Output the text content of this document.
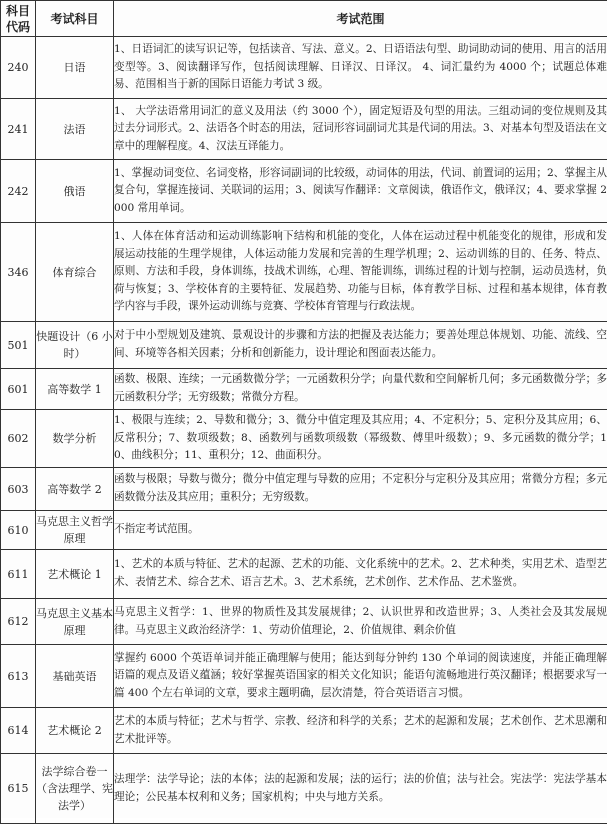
科目代码	考试科目	考试范围
240	日语	1、日语词汇的读写识记等，包括读音、写法、意义。2、日语语法句型、助词助动词的使用、用言的活用变型等。3、阅读翻译写作，包括阅读理解、日译汉、日译汉。 4、词汇量约为 4000 个；试题总体难易、范围相当于新的国际日语能力考试 3 级。
241	法语	1、 大学法语常用词汇的意义及用法（约 3000 个），固定短语及句型的用法。三组动词的变位规则及其过去分词形式。2、法语各个时态的用法，冠词形容词副词尤其是代词的用法。3、对基本句型及语法在文章中的理解程度。4、汉法互译能力。
242	俄语	1、掌握动词变位、名词变格，形容词副词的比较级，动词体的用法，代词、前置词的运用；2、掌握主从复合句，掌握连接词、关联词的运用；3、阅读写作翻译：文章阅读，俄语作文，俄译汉；4、要求掌握 2000 常用单词。
346	体育综合	1、人体在体育活动和运动训练影响下结构和机能的变化，人体在运动过程中机能变化的规律，形成和发展运动技能的生理学规律，人体运动能力发展和完善的生理学机理；2、运动训练的目的、任务、特点、原则、方法和手段，身体训练，技战术训练，心理、智能训练，训练过程的计划与控制，运动员选材，负荷与恢复；3、学校体育的主要特征、发展趋势、功能与目标，体育教学目标、过程和基本规律，体育教学内容与手段，课外运动训练与竞赛、学校体育管理与行政法规。
501	快题设计（6 小时）	对于中小型规划及建筑、景观设计的步骤和方法的把握及表达能力；要善处理总体规划、功能、流线、空间、环境等各相关因素；分析和创新能力，设计理论和图面表达能力。
601	高等数学 1	函数、极限、连续；一元函数微分学；一元函数积分学；向量代数和空间解析几何；多元函数微分学；多元函数积分学；无穷级数；常微分方程。
602	数学分析	1、极限与连续；2、导数和微分；3、微分中值定理及其应用；4、不定积分；5、定积分及其应用；6、反常积分；7、数项级数；8、函数列与函数项级数（幂级数、傅里叶级数）；9、多元函数的微分学；10、曲线积分；11、重积分；12、曲面积分。
603	高等数学 2	函数与极限；导数与微分；微分中值定理与导数的应用；不定积分与定积分及其应用；常微分方程；多元函数微分法及其应用；重积分；无穷级数。
610	马克思主义哲学原理	不指定考试范围。
611	艺术概论 1	1、艺术的本质与特征、艺术的起源、艺术的功能、文化系统中的艺术。2、艺术种类，实用艺术、造型艺术、表情艺术、综合艺术、语言艺术。3、艺术系统，艺术创作、艺术作品、艺术鉴赏。
612	马克思主义基本原理	马克思主义哲学：1、世界的物质性及其发展规律；2、认识世界和改造世界；3、人类社会及其发展规律。马克思主义政治经济学：1、劳动价值理论，2、价值规律、剩余价值
613	基础英语	掌握约 6000 个英语单词并能正确理解与使用；能达到每分钟约 130 个单词的阅读速度，并能正确理解语篇的观点及语义蕴涵；较好掌握英语国家的相关文化知识；能语句流畅地进行英汉翻译；根据要求写一篇 400 个左右单词的文章，要求主题明确，层次清楚，符合英语语言习惯。
614	艺术概论 2	艺术的本质与特征；艺术与哲学、宗教、经济和科学的关系；艺术的起源和发展；艺术创作、艺术思潮和艺术批评等。
615	法学综合卷一（含法理学、宪法学）	法理学：法学导论；法的本体；法的起源和发展；法的运行；法的价值；法与社会。宪法学：宪法学基本理论；公民基本权利和义务；国家机构；中央与地方关系。
